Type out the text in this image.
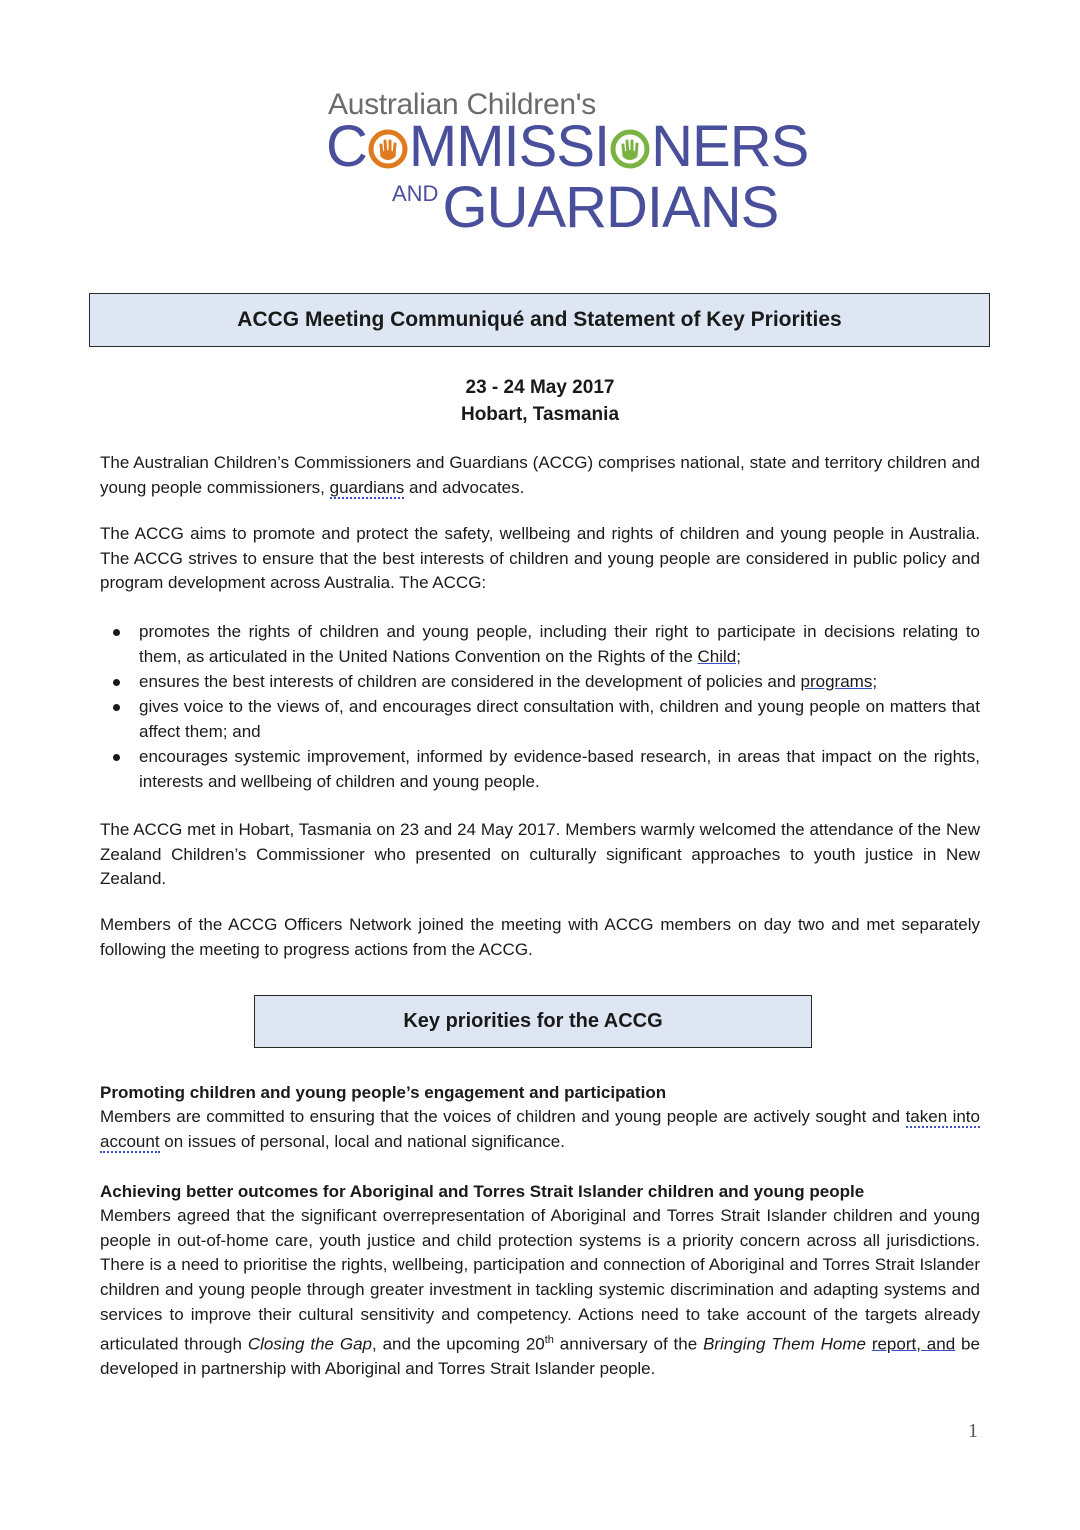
Australian Children's
C MMISSI NERS
ANDGUARDIANS
ACCG Meeting Communiqué and Statement of Key Priorities
23 - 24 May 2017
Hobart, Tasmania

The Australian Children’s Commissioners and Guardians (ACCG) comprises national, state and territory children and young people commissioners, guardians and advocates.

The ACCG aims to promote and protect the safety, wellbeing and rights of children and young people in Australia. The ACCG strives to ensure that the best interests of children and young people are considered in public policy and program development across Australia. The ACCG:

promotes the rights of children and young people, including their right to participate in decisions relating to them, as articulated in the United Nations Convention on the Rights of the Child;
ensures the best interests of children are considered in the development of policies and programs;
gives voice to the views of, and encourages direct consultation with, children and young people on matters that affect them; and
encourages systemic improvement, informed by evidence-based research, in areas that impact on the rights, interests and wellbeing of children and young people.

The ACCG met in Hobart, Tasmania on 23 and 24 May 2017. Members warmly welcomed the attendance of the New Zealand Children’s Commissioner who presented on culturally significant approaches to youth justice in New Zealand.

Members of the ACCG Officers Network joined the meeting with ACCG members on day two and met separately following the meeting to progress actions from the ACCG.

Key priorities for the ACCG

Promoting children and young people’s engagement and participation

Members are committed to ensuring that the voices of children and young people are actively sought and taken into account on issues of personal, local and national significance.

Achieving better outcomes for Aboriginal and Torres Strait Islander children and young people

Members agreed that the significant overrepresentation of Aboriginal and Torres Strait Islander children and young people in out-of-home care, youth justice and child protection systems is a priority concern across all jurisdictions. There is a need to prioritise the rights, wellbeing, participation and connection of Aboriginal and Torres Strait Islander children and young people through greater investment in tackling systemic discrimination and adapting systems and services to improve their cultural sensitivity and competency. Actions need to take account of the targets already articulated through Closing the Gap, and the upcoming 20th anniversary of the Bringing Them Home report, and be developed in partnership with Aboriginal and Torres Strait Islander people.

1
